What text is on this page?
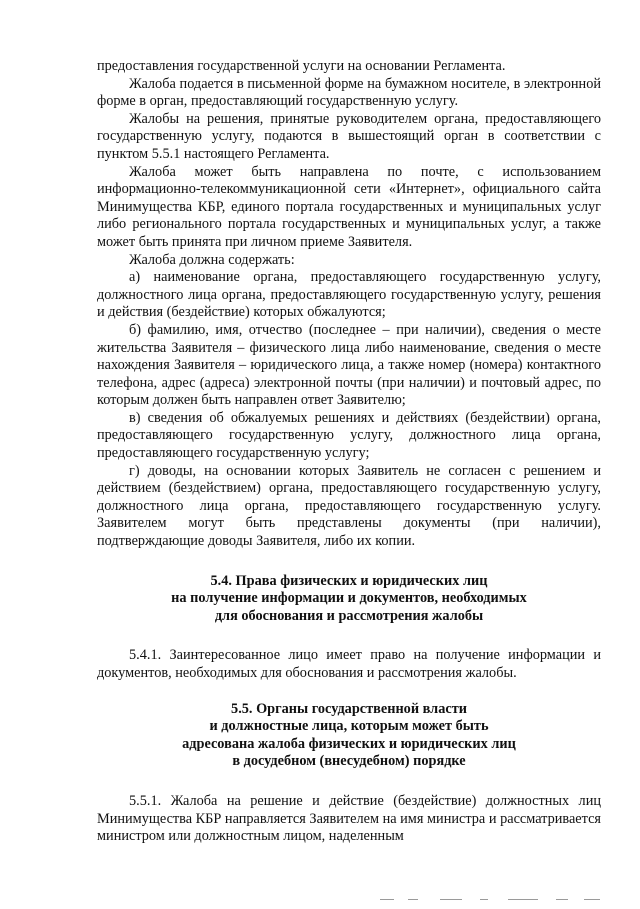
предоставления государственной услуги на основании Регламента.

Жалоба подается в письменной форме на бумажном носителе, в электронной форме в орган, предоставляющий государственную услугу.

Жалобы на решения, принятые руководителем органа, предоставляющего государственную услугу, подаются в вышестоящий орган в соответствии с пунктом 5.5.1 настоящего Регламента.

Жалоба может быть направлена по почте, с использованием информационно-телекоммуникационной сети «Интернет», официального сайта Минимущества КБР, единого портала государственных и муниципальных услуг либо регионального портала государственных и муниципальных услуг, а также может быть принята при личном приеме Заявителя.

Жалоба должна содержать:

а) наименование органа, предоставляющего государственную услугу, должностного лица органа, предоставляющего государственную услугу, решения и действия (бездействие) которых обжалуются;

б) фамилию, имя, отчество (последнее – при наличии), сведения о месте жительства Заявителя – физического лица либо наименование, сведения о месте нахождения Заявителя – юридического лица, а также номер (номера) контактного телефона, адрес (адреса) электронной почты (при наличии) и почтовый адрес, по которым должен быть направлен ответ Заявителю;

в) сведения об обжалуемых решениях и действиях (бездействии) органа, предоставляющего государственную услугу, должностного лица органа, предоставляющего государственную услугу;

г) доводы, на основании которых Заявитель не согласен с решением и действием (бездействием) органа, предоставляющего государственную услугу, должностного лица органа, предоставляющего государственную услугу. Заявителем могут быть представлены документы (при наличии), подтверждающие доводы Заявителя, либо их копии.

5.4. Права физических и юридических лиц

на получение информации и документов, необходимых

для обоснования и рассмотрения жалобы

5.4.1. Заинтересованное лицо имеет право на получение информации и документов, необходимых для обоснования и рассмотрения жалобы.

5.5. Органы государственной власти

и должностные лица, которым может быть

адресована жалоба физических и юридических лиц

в досудебном (внесудебном) порядке

5.5.1. Жалоба на решение и действие (бездействие) должностных лиц Минимущества КБР направляется Заявителем на имя министра и рассматривается министром или должностным лицом, наделенным
